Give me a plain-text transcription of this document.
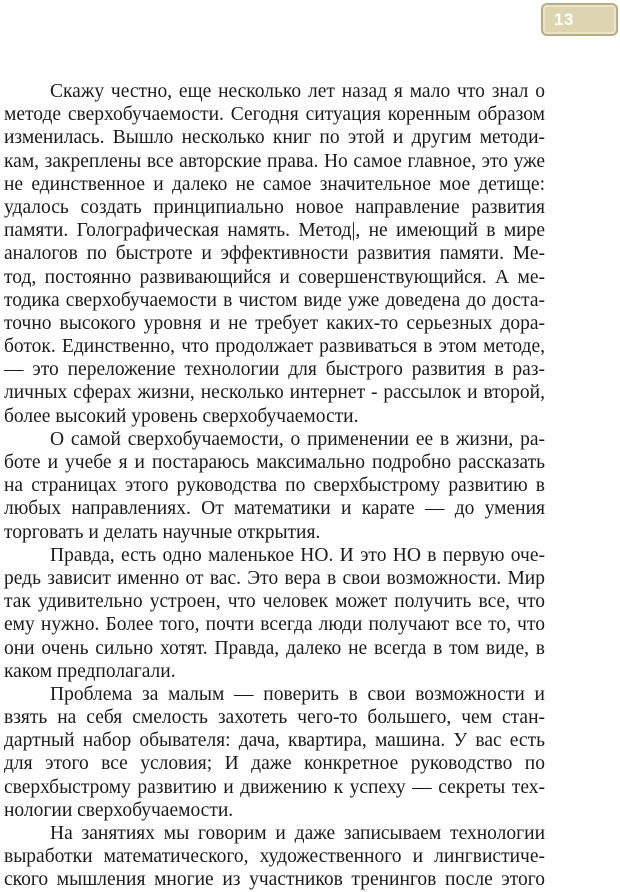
13
Скажу честно, еще несколько лет назад я мало что знал о
методе сверхобучаемости. Сегодня ситуация коренным образом
изменилась. Вышло несколько книг по этой и другим методи-
кам, закреплены все авторские права. Но самое главное, это уже
не единственное и далеко не самое значительное мое детище:
удалось создать принципиально новое направление развития
памяти. Голографическая намять. Метод|, не имеющий в мире
аналогов по быстроте и эффективности развития памяти. Ме-
тод, постоянно развивающийся и совершенствующийся. А ме-
тодика сверхобучаемости в чистом виде уже доведена до доста-
точно высокого уровня и не требует каких-то серьезных дора-
боток. Единственно, что продолжает развиваться в этом методе,
— это переложение технологии для быстрого развития в раз-
личных сферах жизни, несколько интернет - рассылок и второй,
более высокий уровень сверхобучаемости.
О самой сверхобучаемости, о применении ее в жизни, ра-
боте и учебе я и постараюсь максимально подробно рассказать
на страницах этого руководства по сверхбыстрому развитию в
любых направлениях. От математики и карате — до умения
торговать и делать научные открытия.
Правда, есть одно маленькое НО. И это НО в первую оче-
редь зависит именно от вас. Это вера в свои возможности. Мир
так удивительно устроен, что человек может получить все, что
ему нужно. Более того, почти всегда люди получают все то, что
они очень сильно хотят. Правда, далеко не всегда в том виде, в
каком предполагали.
Проблема за малым — поверить в свои возможности и
взять на себя смелость захотеть чего-то большего, чем стан-
дартный набор обывателя: дача, квартира, машина. У вас есть
для этого все условия; И даже конкретное руководство по
сверхбыстрому развитию и движению к успеху — секреты тех-
нологии сверхобучаемости.
На занятиях мы говорим и даже записываем технологии
выработки математического, художественного и лингвистиче-
ского мышления многие из участников тренингов после этого
